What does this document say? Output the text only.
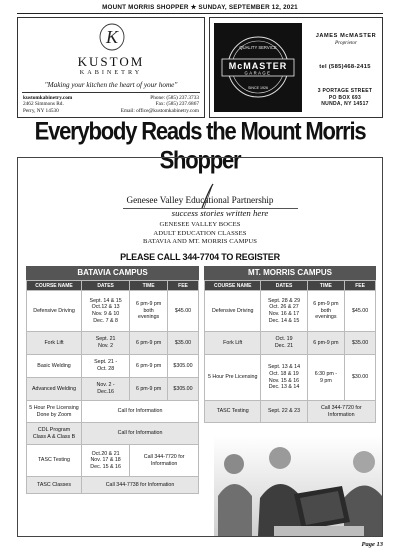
MOUNT MORRIS SHOPPER ★ SUNDAY, SEPTEMBER 12, 2021
K
KUSTOM
KABINETRY
"Making your kitchen the heart of your home"
kustomkabinetry.com
2462 Simmons Rd.
Perry, NY 14530
Phone: (585) 237.3733
Fax: (585) 237.6867
Email: office@kustomkabinetry.com
QUALITY SERVICE
McMASTER
GARAGE
SINCE 1926
JAMES McMASTER
Proprietor
tel (585)468-2415
3 PORTAGE STREET
PO BOX 693
NUNDA, NY 14517
Everybody Reads the Mount Morris Shopper
Genesee Valley Educational Partnership
success stories written here
GENESEE VALLEY BOCES
ADULT EDUCATION CLASSES
BATAVIA AND MT. MORRIS CAMPUS
PLEASE CALL 344-7704 TO REGISTER
BATAVIA CAMPUS
COURSE NAME	DATES	TIME	FEE
Defensive Driving	Sept. 14 & 15
Oct.12 & 13
Nov. 9 & 10
Dec. 7 & 8	6 pm-9 pm
both
evenings	$45.00
Fork Lift	Sept. 21
Nov. 2	6 pm-9 pm	$35.00
Basic Welding	Sept. 21 -
Oct. 28	6 pm-9 pm	$305.00
Advanced Welding	Nov. 2 -
Dec.16	6 pm-9 pm	$305.00
5 Hour Pre Licensing
Done by Zoom	Call for Information		
CDL Program
Class A & Class B	Call for Information		
TASC Testing	Oct.20 & 21
Nov. 17 & 18
Dec. 15 & 16	Call 344-7720 for
Information	
TASC Classes	Call 344-7738 for Information		
MT. MORRIS CAMPUS
COURSE NAME	DATES	TIME	FEE
Defensive Driving	Sept. 28 & 29
Oct. 26 & 27
Nov. 16 & 17
Dec. 14 & 15	6 pm-9 pm
both
evenings	$45.00
Fork Lift	Oct. 19
Dec. 21	6 pm-9 pm	$35.00
5 Hour Pre Licensing	Sept. 13 & 14
Oct. 18 & 19
Nov. 15 & 16
Dec. 13 & 14	6:30 pm -
9 pm	$30.00
TASC Testing	Sept. 22 & 23	Call 344-7720 for
Information	
Page 13
